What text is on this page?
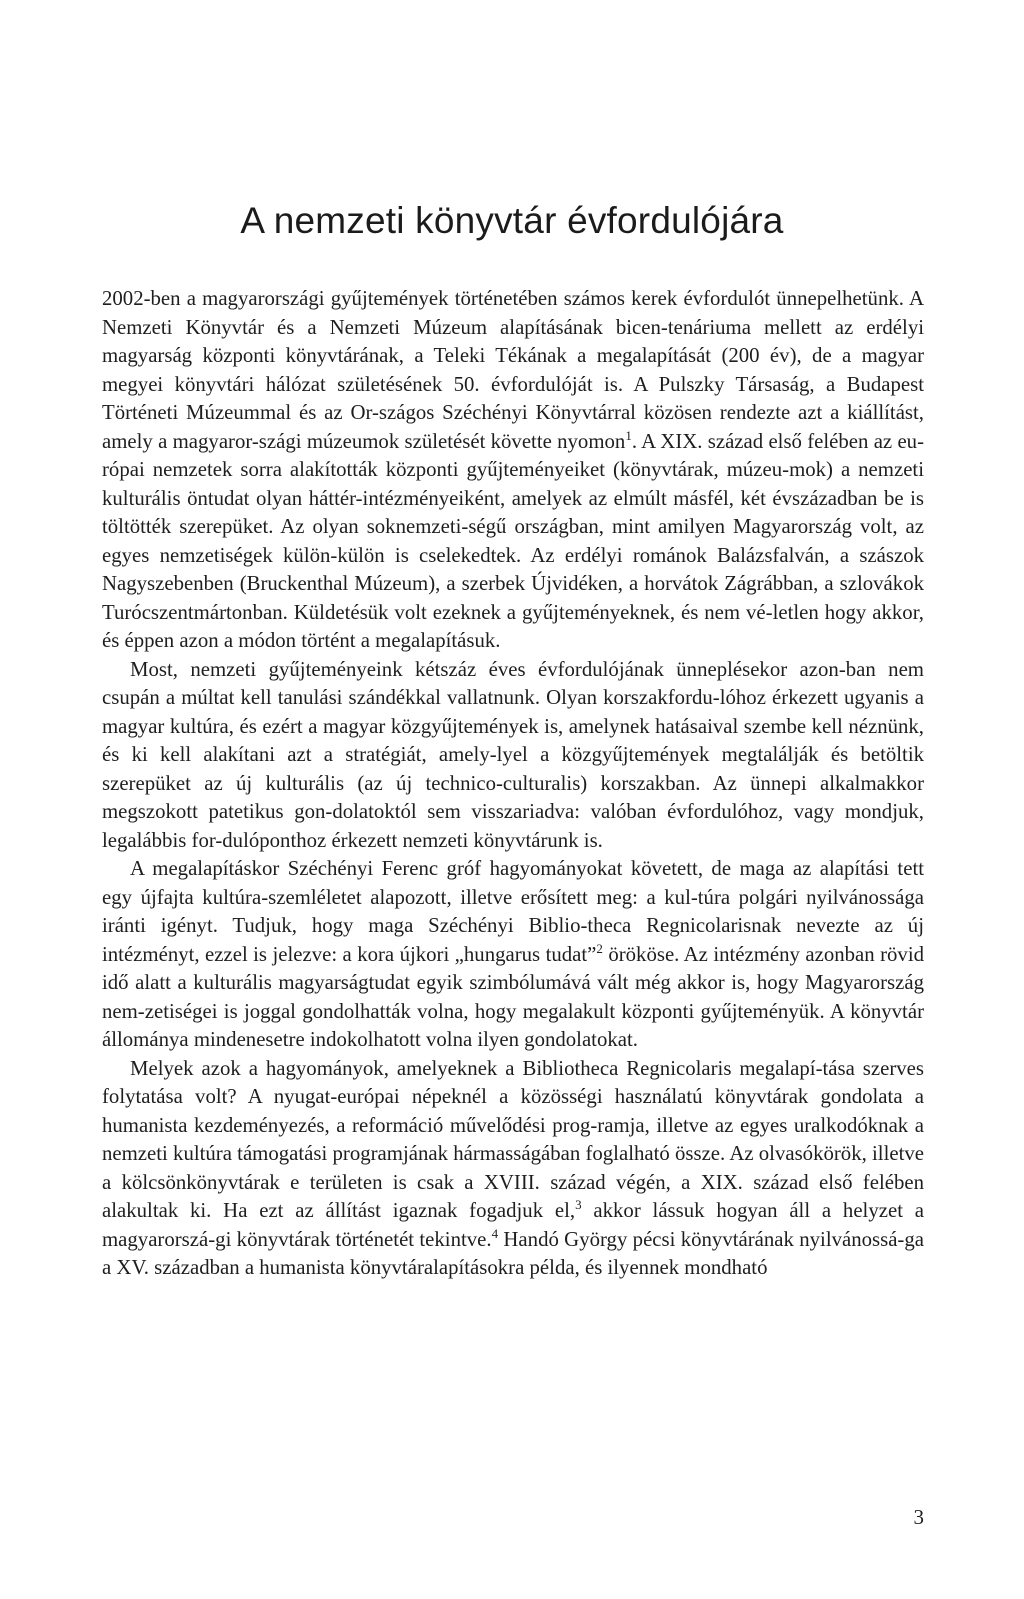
A nemzeti könyvtár évfordulójára

2002-ben a magyarországi gyűjtemények történetében számos kerek évfordulót ünnepelhetünk. A Nemzeti Könyvtár és a Nemzeti Múzeum alapításának bicen-tenáriuma mellett az erdélyi magyarság központi könyvtárának, a Teleki Tékának a megalapítását (200 év), de a magyar megyei könyvtári hálózat születésének 50. évfordulóját is. A Pulszky Társaság, a Budapest Történeti Múzeummal és az Or-szágos Széchényi Könyvtárral közösen rendezte azt a kiállítást, amely a magyaror-szági múzeumok születését követte nyomon$^1$. A XIX. század első felében az eu-rópai nemzetek sorra alakították központi gyűjteményeiket (könyvtárak, múzeu-mok) a nemzeti kulturális öntudat olyan háttér-intézményeiként, amelyek az elmúlt másfél, két évszázadban be is töltötték szerepüket. Az olyan soknemzeti-ségű országban, mint amilyen Magyarország volt, az egyes nemzetiségek külön-külön is cselekedtek. Az erdélyi románok Balázsfalván, a szászok Nagyszebenben (Bruckenthal Múzeum), a szerbek Újvidéken, a horvátok Zágrábban, a szlovákok Turócszentmártonban. Küldetésük volt ezeknek a gyűjteményeknek, és nem vé-letlen hogy akkor, és éppen azon a módon történt a megalapításuk.

Most, nemzeti gyűjteményeink kétszáz éves évfordulójának ünneplésekor azon-ban nem csupán a múltat kell tanulási szándékkal vallatnunk. Olyan korszakfordu-lóhoz érkezett ugyanis a magyar kultúra, és ezért a magyar közgyűjtemények is, amelynek hatásaival szembe kell néznünk, és ki kell alakítani azt a stratégiát, amely-lyel a közgyűjtemények megtalálják és betöltik szerepüket az új kulturális (az új technico-culturalis) korszakban. Az ünnepi alkalmakkor megszokott patetikus gon-dolatoktól sem visszariadva: valóban évfordulóhoz, vagy mondjuk, legalábbis for-dulóponthoz érkezett nemzeti könyvtárunk is.

A megalapításkor Széchényi Ferenc gróf hagyományokat követett, de maga az alapítási tett egy újfajta kultúra-szemléletet alapozott, illetve erősített meg: a kul-túra polgári nyilvánossága iránti igényt. Tudjuk, hogy maga Széchényi Biblio-theca Regnicolarisnak nevezte az új intézményt, ezzel is jelezve: a kora újkori „hungarus tudat”$^2$ örököse. Az intézmény azonban rövid idő alatt a kulturális magyarságtudat egyik szimbólumává vált még akkor is, hogy Magyarország nem-zetiségei is joggal gondolhatták volna, hogy megalakult központi gyűjteményük. A könyvtár állománya mindenesetre indokolhatott volna ilyen gondolatokat.

Melyek azok a hagyományok, amelyeknek a Bibliotheca Regnicolaris megalapí-tása szerves folytatása volt? A nyugat-európai népeknél a közösségi használatú könyvtárak gondolata a humanista kezdeményezés, a reformáció művelődési prog-ramja, illetve az egyes uralkodóknak a nemzeti kultúra támogatási programjának hármasságában foglalható össze. Az olvasókörök, illetve a kölcsönkönyvtárak e területen is csak a XVIII. század végén, a XIX. század első felében alakultak ki. Ha ezt az állítást igaznak fogadjuk el,$^3$ akkor lássuk hogyan áll a helyzet a magyarorszá-gi könyvtárak történetét tekintve.$^4$ Handó György pécsi könyvtárának nyilvánossá-ga a XV. században a humanista könyvtáralapításokra példa, és ilyennek mondható

3
